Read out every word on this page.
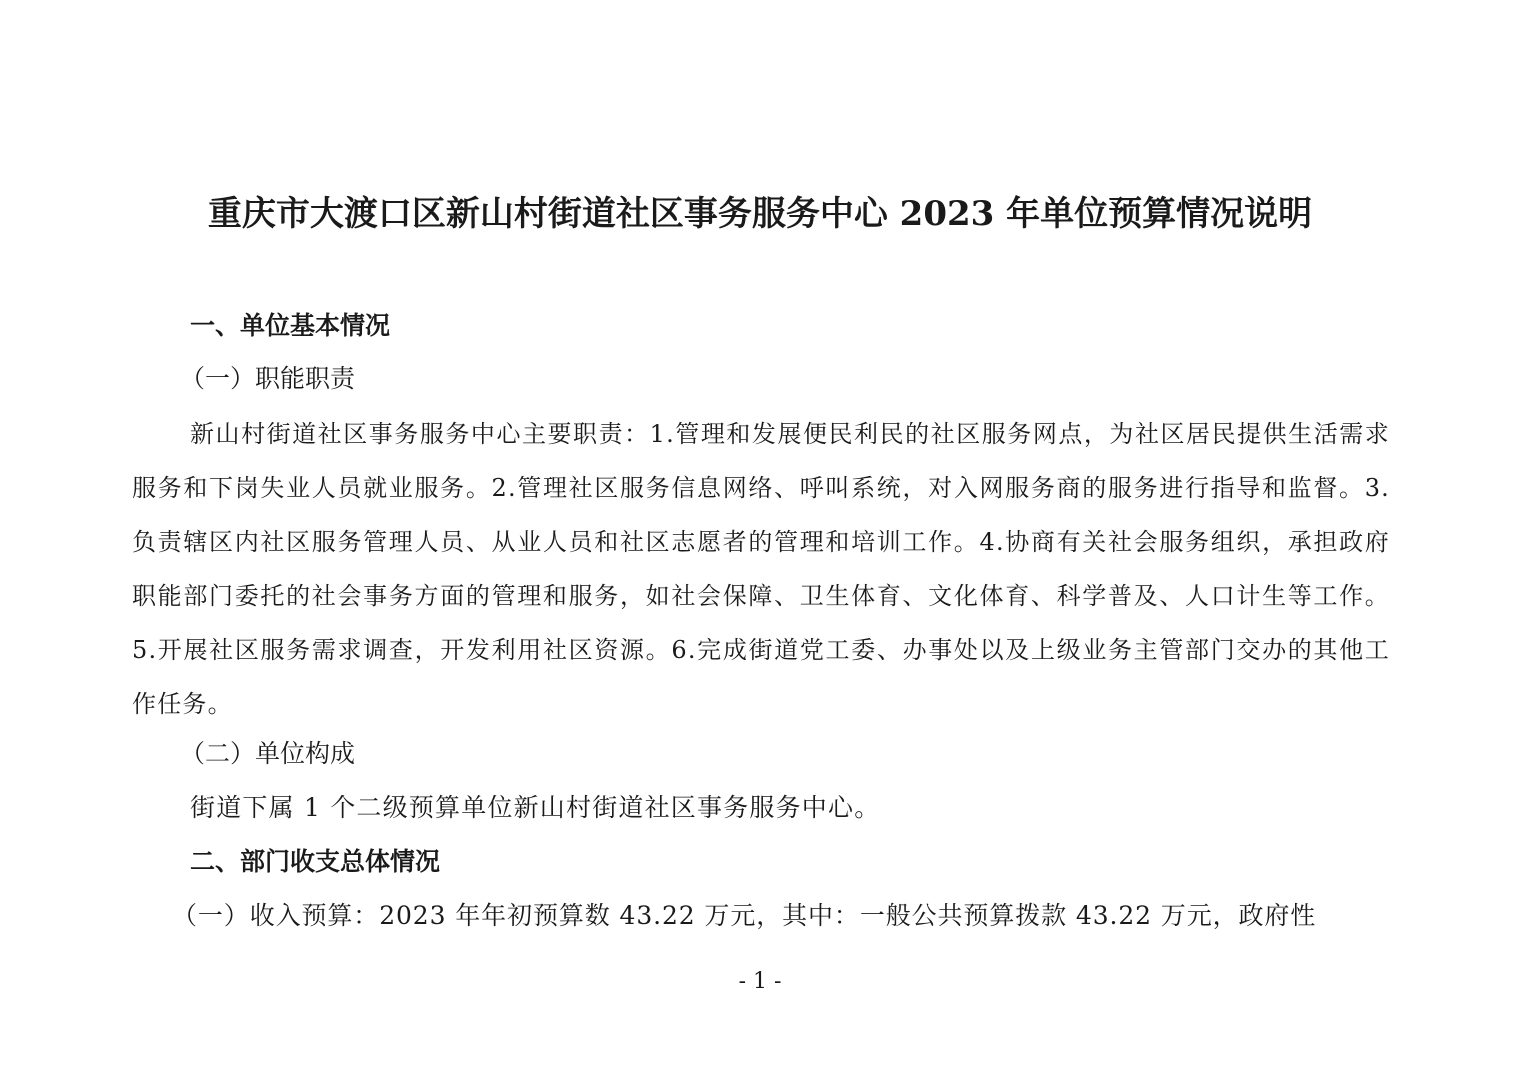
重庆市大渡口区新山村街道社区事务服务中心 2023 年单位预算情况说明

一、单位基本情况

（一）职能职责

新山村街道社区事务服务中心主要职责：1.管理和发展便民利民的社区服务网点，为社区居民提供生活需求服务和下岗失业人员就业服务。2.管理社区服务信息网络、呼叫系统，对入网服务商的服务进行指导和监督。3.负责辖区内社区服务管理人员、从业人员和社区志愿者的管理和培训工作。4.协商有关社会服务组织，承担政府职能部门委托的社会事务方面的管理和服务，如社会保障、卫生体育、文化体育、科学普及、人口计生等工作。5.开展社区服务需求调查，开发利用社区资源。6.完成街道党工委、办事处以及上级业务主管部门交办的其他工作任务。

（二）单位构成

街道下属 1 个二级预算单位新山村街道社区事务服务中心。

二、部门收支总体情况

（一）收入预算：2023 年年初预算数 43.22 万元，其中：一般公共预算拨款 43.22 万元，政府性

- 1 -
